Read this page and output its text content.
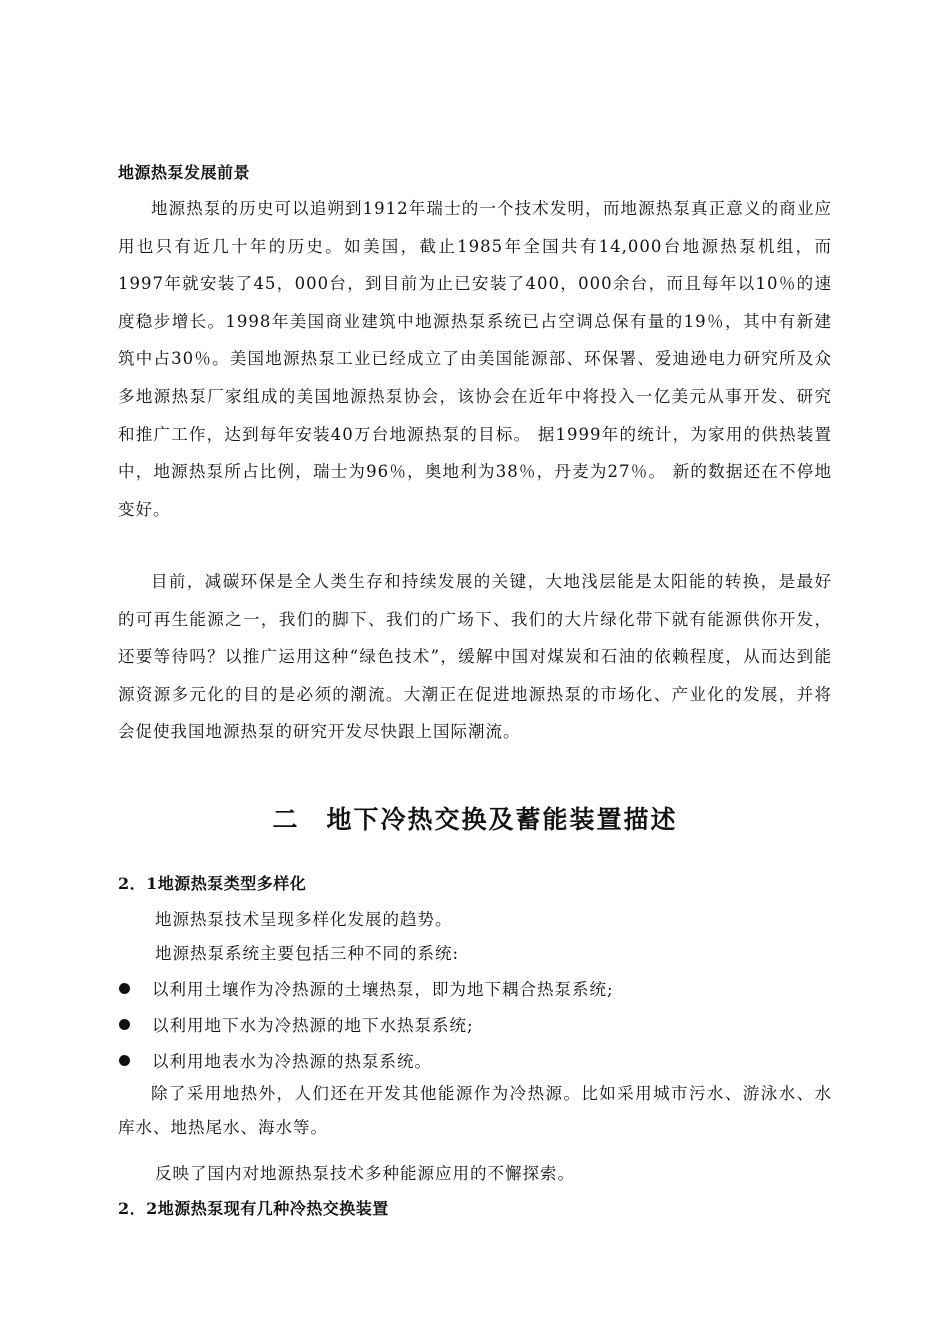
地源热泵发展前景

地源热泵的历史可以追朔到1912年瑞士的一个技术发明，而地源热泵真正意义的商业应用也只有近几十年的历史。如美国，截止1985年全国共有14,000台地源热泵机组，而1997年就安装了45，000台，到目前为止已安装了400，000余台，而且每年以10％的速度稳步增长。1998年美国商业建筑中地源热泵系统已占空调总保有量的19％，其中有新建筑中占30％。美国地源热泵工业已经成立了由美国能源部、环保署、爱迪逊电力研究所及众多地源热泵厂家组成的美国地源热泵协会，该协会在近年中将投入一亿美元从事开发、研究和推广工作，达到每年安装40万台地源热泵的目标。 据1999年的统计，为家用的供热装置中，地源热泵所占比例，瑞士为96％，奥地利为38％，丹麦为27％。 新的数据还在不停地变好。

目前，减碳环保是全人类生存和持续发展的关键，大地浅层能是太阳能的转换，是最好的可再生能源之一，我们的脚下、我们的广场下、我们的大片绿化带下就有能源供你开发，还要等待吗？以推广运用这种“绿色技术”，缓解中国对煤炭和石油的依赖程度，从而达到能源资源多元化的目的是必须的潮流。大潮正在促进地源热泵的市场化、产业化的发展，并将会促使我国地源热泵的研究开发尽快跟上国际潮流。

二　地下冷热交换及蓄能装置描述
2．1地源热泵类型多样化
地源热泵技术呈现多样化发展的趋势。
地源热泵系统主要包括三种不同的系统:
以利用土壤作为冷热源的土壤热泵，即为地下耦合热泵系统;
以利用地下水为冷热源的地下水热泵系统;
以利用地表水为冷热源的热泵系统。

除了采用地热外，人们还在开发其他能源作为冷热源。比如采用城市污水、游泳水、水库水、地热尾水、海水等。

反映了国内对地源热泵技术多种能源应用的不懈探索。
2．2地源热泵现有几种冷热交换装置
